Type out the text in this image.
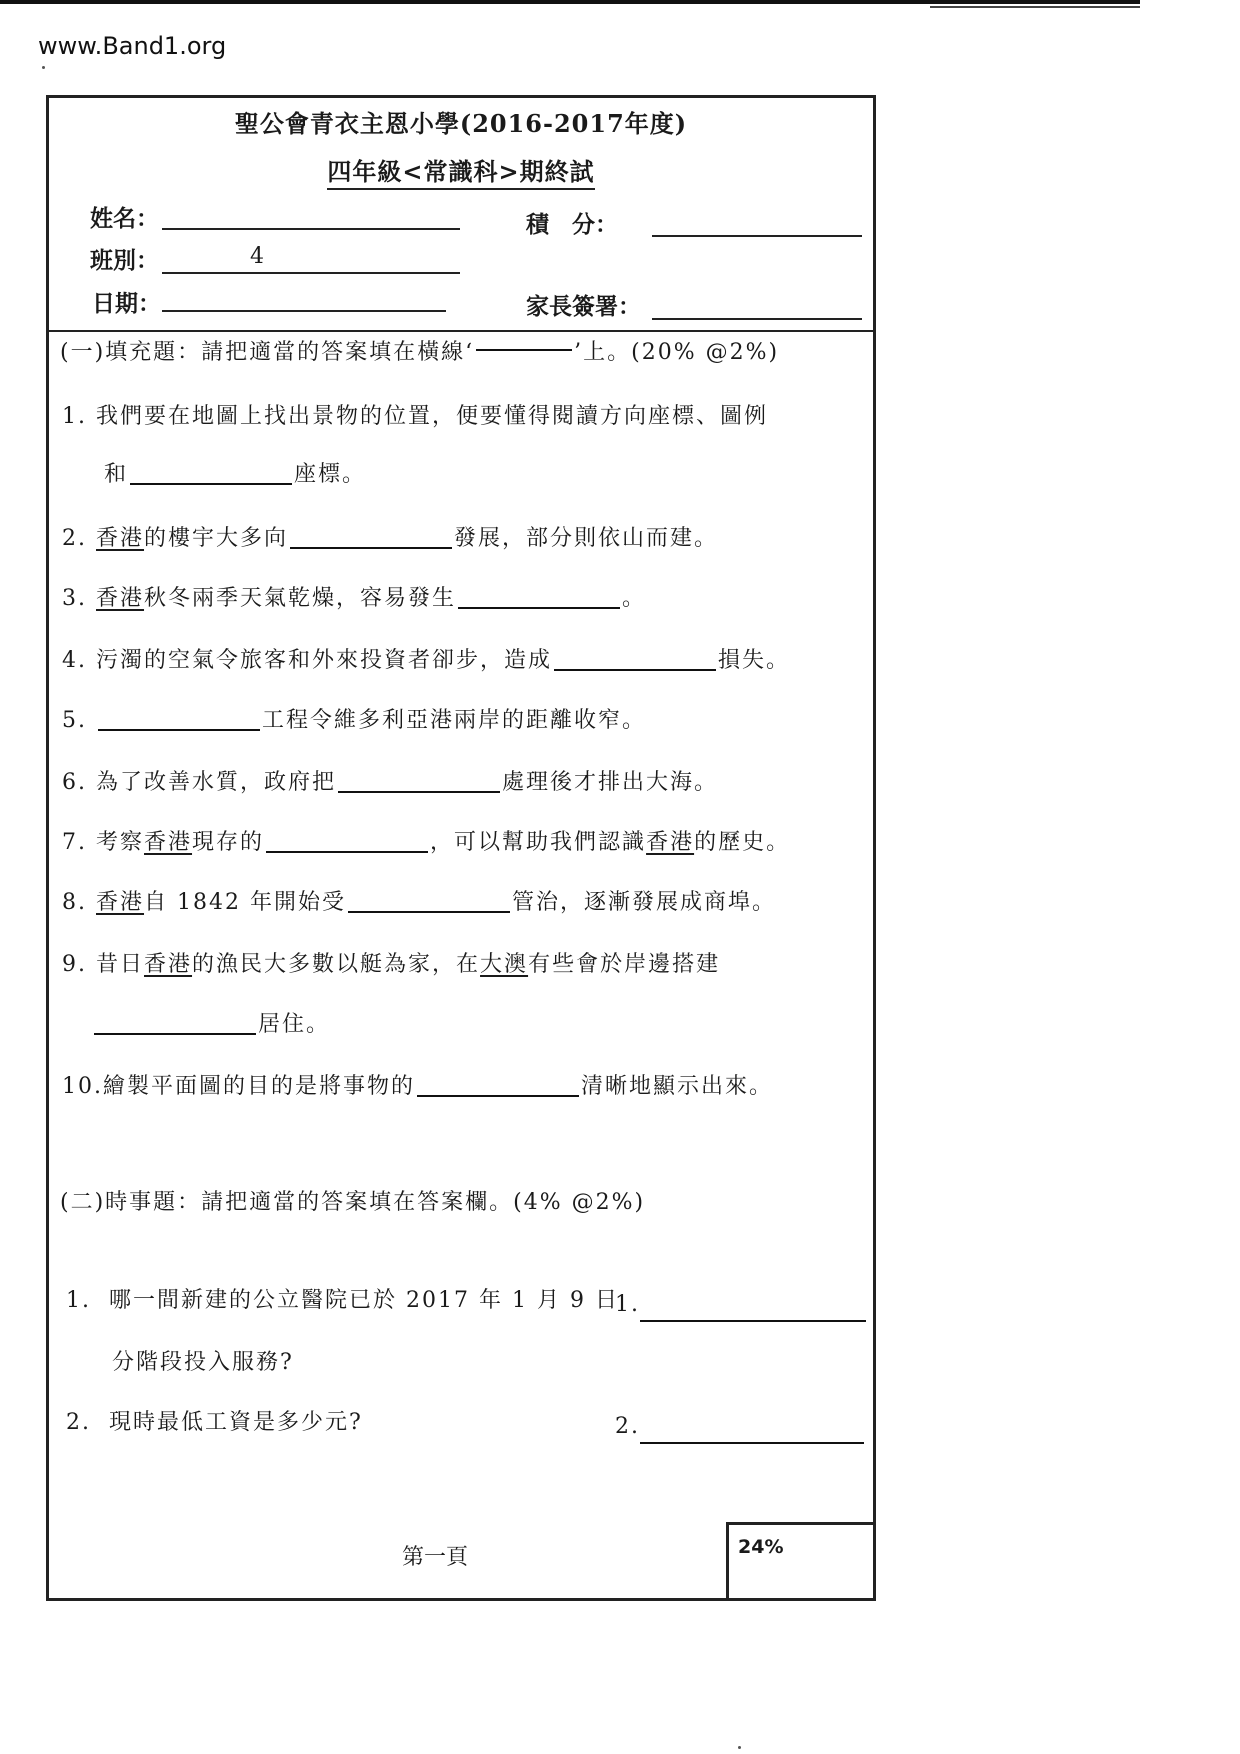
www.Band1.org
聖公會青衣主恩小學(2016-2017年度)
四年級<常識科>期終試
姓名：
班別：	4
日期：
積　分：
家長簽署：
(一)填充題：請把適當的答案填在橫線‘	’上。(20% @2%)
1. 我們要在地圖上找出景物的位置，便要懂得閱讀方向座標、圖例
和	座標。
2. 香港的樓宇大多向	發展，部分則依山而建。
3. 香港秋冬兩季天氣乾燥，容易發生	。
4. 污濁的空氣令旅客和外來投資者卻步，造成	損失。
5.	工程令維多利亞港兩岸的距離收窄。
6. 為了改善水質，政府把	處理後才排出大海。
7. 考察香港現存的	，可以幫助我們認識香港的歷史。
8. 香港自 1842 年開始受	管治，逐漸發展成商埠。
9. 昔日香港的漁民大多數以艇為家，在大澳有些會於岸邊搭建
居住。
10.繪製平面圖的目的是將事物的	清晰地顯示出來。
(二)時事題：請把適當的答案填在答案欄。(4% @2%)
1. 哪一間新建的公立醫院已於 2017 年 1 月 9 日
分階段投入服務?
1.
2. 現時最低工資是多少元?	2.
第一頁	24%
